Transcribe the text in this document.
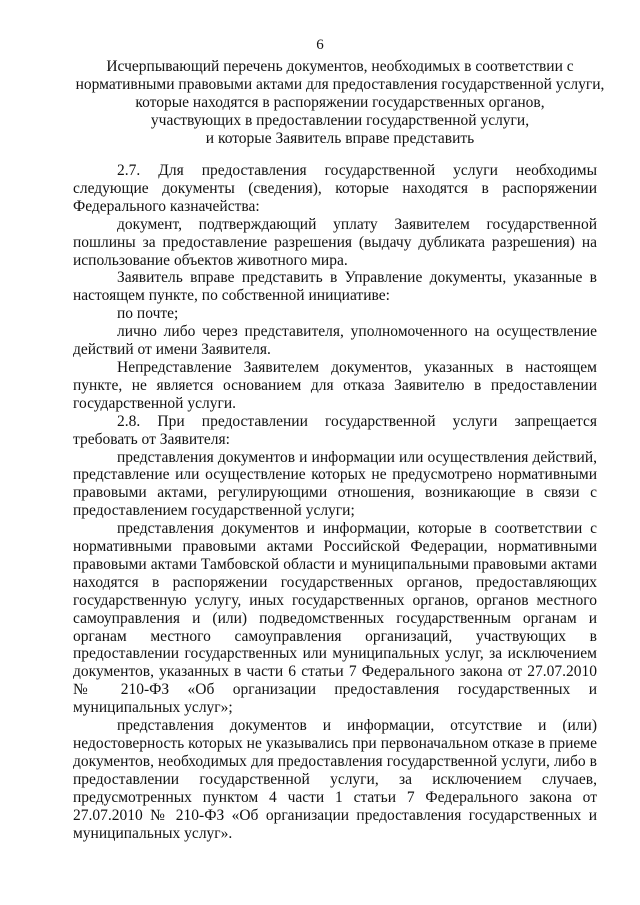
6
Исчерпывающий перечень документов, необходимых в соответствии с
нормативными правовыми актами для предоставления государственной услуги,
которые находятся в распоряжении государственных органов,
участвующих в предоставлении государственной услуги,
и которые Заявитель вправе представить

2.7. Для предоставления государственной услуги необходимы следующие документы (сведения), которые находятся в распоряжении Федерального казначейства:

документ, подтверждающий уплату Заявителем государственной пошлины за предоставление разрешения (выдачу дубликата разрешения) на использование объектов животного мира.

Заявитель вправе представить в Управление документы, указанные в настоящем пункте, по собственной инициативе:

по почте;

лично либо через представителя, уполномоченного на осуществление действий от имени Заявителя.

Непредставление Заявителем документов, указанных в настоящем пункте, не является основанием для отказа Заявителю в предоставлении государственной услуги.

2.8. При предоставлении государственной услуги запрещается требовать от Заявителя:

представления документов и информации или осуществления действий, представление или осуществление которых не предусмотрено нормативными правовыми актами, регулирующими отношения, возникающие в связи с предоставлением государственной услуги;

представления документов и информации, которые в соответствии с нормативными правовыми актами Российской Федерации, нормативными правовыми актами Тамбовской области и муниципальными правовыми актами находятся в распоряжении государственных органов, предоставляющих государственную услугу, иных государственных органов, органов местного самоуправления и (или) подведомственных государственным органам и органам местного самоуправления организаций, участвующих в предоставлении государственных или муниципальных услуг, за исключением документов, указанных в части 6 статьи 7 Федерального закона от 27.07.2010 № 210-ФЗ «Об организации предоставления государственных и муниципальных услуг»;

представления документов и информации, отсутствие и (или) недостоверность которых не указывались при первоначальном отказе в приеме документов, необходимых для предоставления государственной услуги, либо в предоставлении государственной услуги, за исключением случаев, предусмотренных пунктом 4 части 1 статьи 7 Федерального закона от 27.07.2010 № 210-ФЗ «Об организации предоставления государственных и муниципальных услуг».
